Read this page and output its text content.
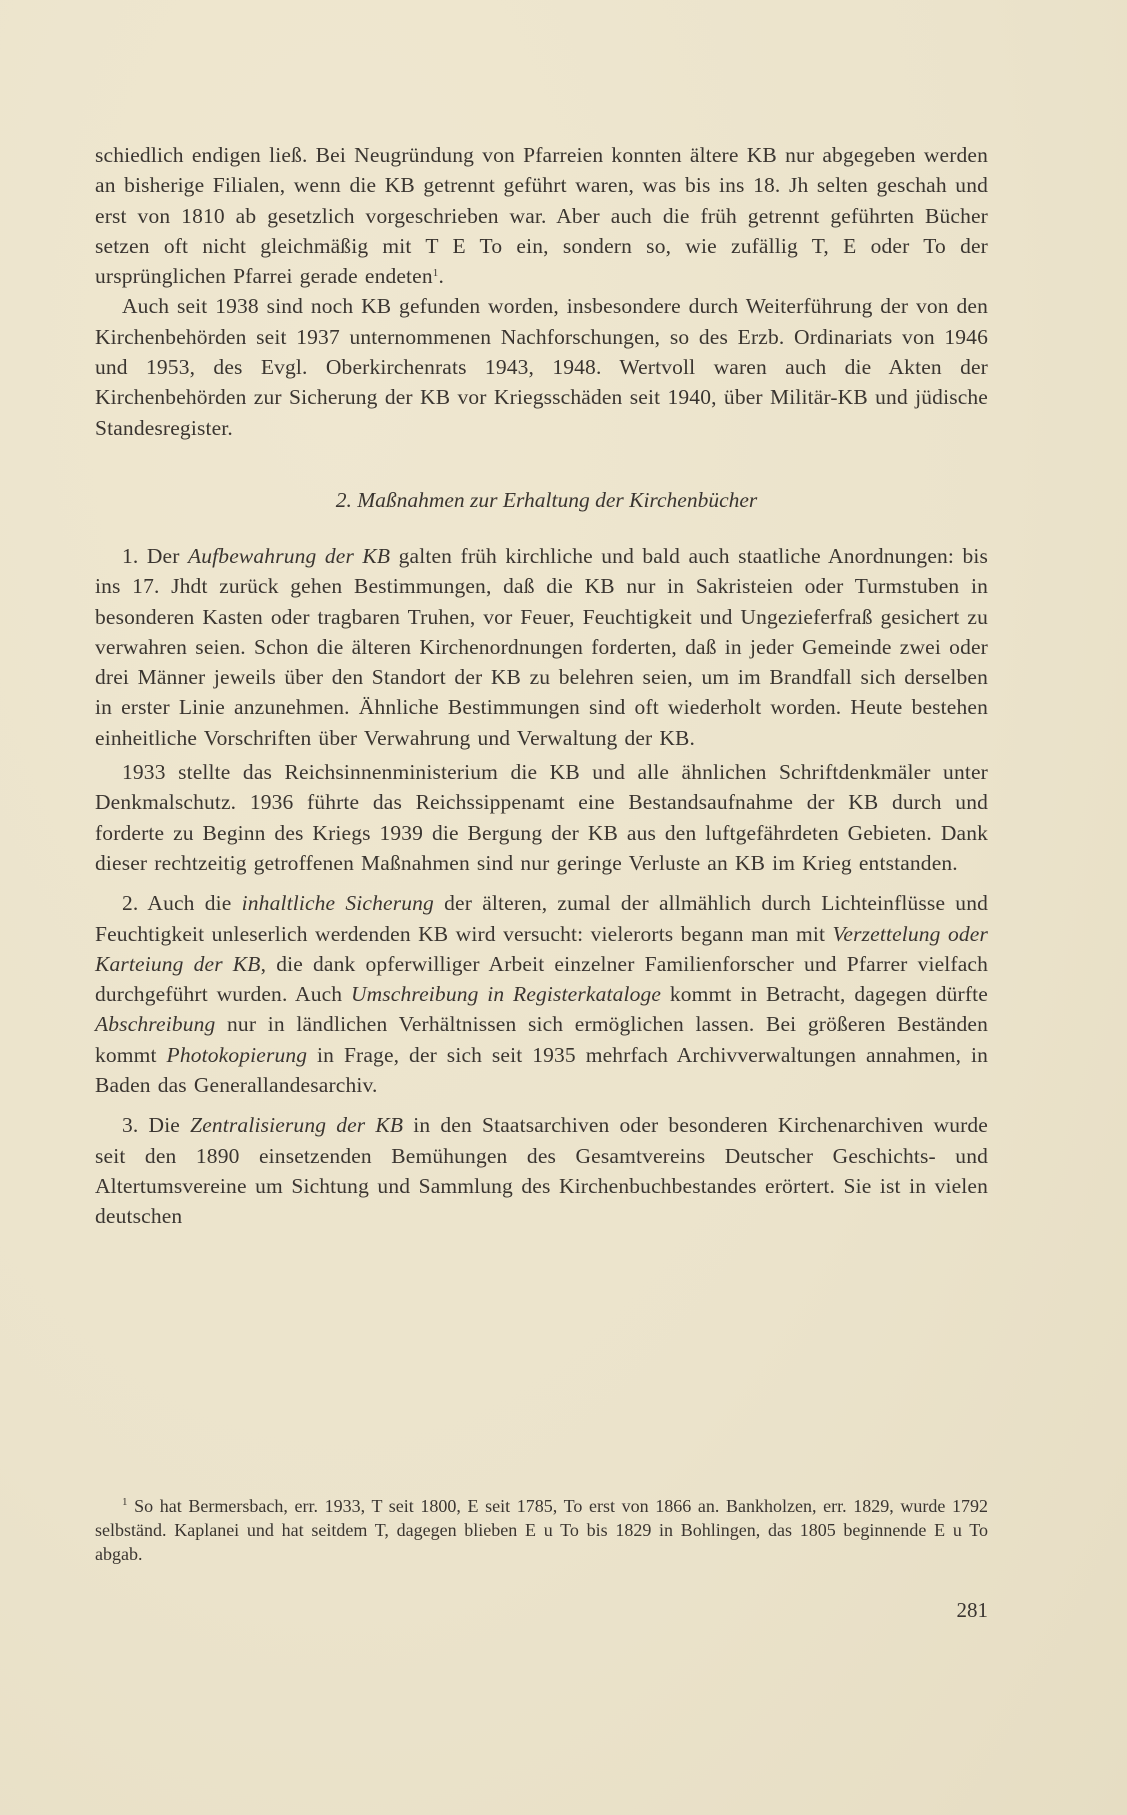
schiedlich endigen ließ. Bei Neugründung von Pfarreien konnten ältere KB nur abgegeben werden an bisherige Filialen, wenn die KB getrennt geführt waren, was bis ins 18. Jh selten geschah und erst von 1810 ab gesetzlich vorgeschrieben war. Aber auch die früh getrennt geführten Bücher setzen oft nicht gleichmäßig mit T E To ein, sondern so, wie zufällig T, E oder To der ursprünglichen Pfarrei gerade endeten$^1$.

Auch seit 1938 sind noch KB gefunden worden, insbesondere durch Weiterführung der von den Kirchenbehörden seit 1937 unternommenen Nachforschungen, so des Erzb. Ordinariats von 1946 und 1953, des Evgl. Oberkirchenrats 1943, 1948. Wertvoll waren auch die Akten der Kirchenbehörden zur Sicherung der KB vor Kriegsschäden seit 1940, über Militär-KB und jüdische Standesregister.

2. Maßnahmen zur Erhaltung der Kirchenbücher

1. Der Aufbewahrung der KB galten früh kirchliche und bald auch staatliche Anordnungen: bis ins 17. Jhdt zurück gehen Bestimmungen, daß die KB nur in Sakristeien oder Turmstuben in besonderen Kasten oder tragbaren Truhen, vor Feuer, Feuchtigkeit und Ungezieferfraß gesichert zu verwahren seien. Schon die älteren Kirchenordnungen forderten, daß in jeder Gemeinde zwei oder drei Männer jeweils über den Standort der KB zu belehren seien, um im Brandfall sich derselben in erster Linie anzunehmen. Ähnliche Bestimmungen sind oft wiederholt worden. Heute bestehen einheitliche Vorschriften über Verwahrung und Verwaltung der KB.

1933 stellte das Reichsinnenministerium die KB und alle ähnlichen Schriftdenkmäler unter Denkmalschutz. 1936 führte das Reichssippenamt eine Bestandsaufnahme der KB durch und forderte zu Beginn des Kriegs 1939 die Bergung der KB aus den luftgefährdeten Gebieten. Dank dieser rechtzeitig getroffenen Maßnahmen sind nur geringe Verluste an KB im Krieg entstanden.

2. Auch die inhaltliche Sicherung der älteren, zumal der allmählich durch Lichteinflüsse und Feuchtigkeit unleserlich werdenden KB wird versucht: vielerorts begann man mit Verzettelung oder Karteiung der KB, die dank opferwilliger Arbeit einzelner Familienforscher und Pfarrer vielfach durchgeführt wurden. Auch Umschreibung in Registerkataloge kommt in Betracht, dagegen dürfte Abschreibung nur in ländlichen Verhältnissen sich ermöglichen lassen. Bei größeren Beständen kommt Photokopierung in Frage, der sich seit 1935 mehrfach Archivverwaltungen annahmen, in Baden das Generallandesarchiv.

3. Die Zentralisierung der KB in den Staatsarchiven oder besonderen Kirchenarchiven wurde seit den 1890 einsetzenden Bemühungen des Gesamtvereins Deutscher Geschichts- und Altertumsvereine um Sichtung und Sammlung des Kirchenbuchbestandes erörtert. Sie ist in vielen deutschen

$^1$ So hat Bermersbach, err. 1933, T seit 1800, E seit 1785, To erst von 1866 an. Bankholzen, err. 1829, wurde 1792 selbständ. Kaplanei und hat seitdem T, dagegen blieben E u To bis 1829 in Bohlingen, das 1805 beginnende E u To abgab.

281
